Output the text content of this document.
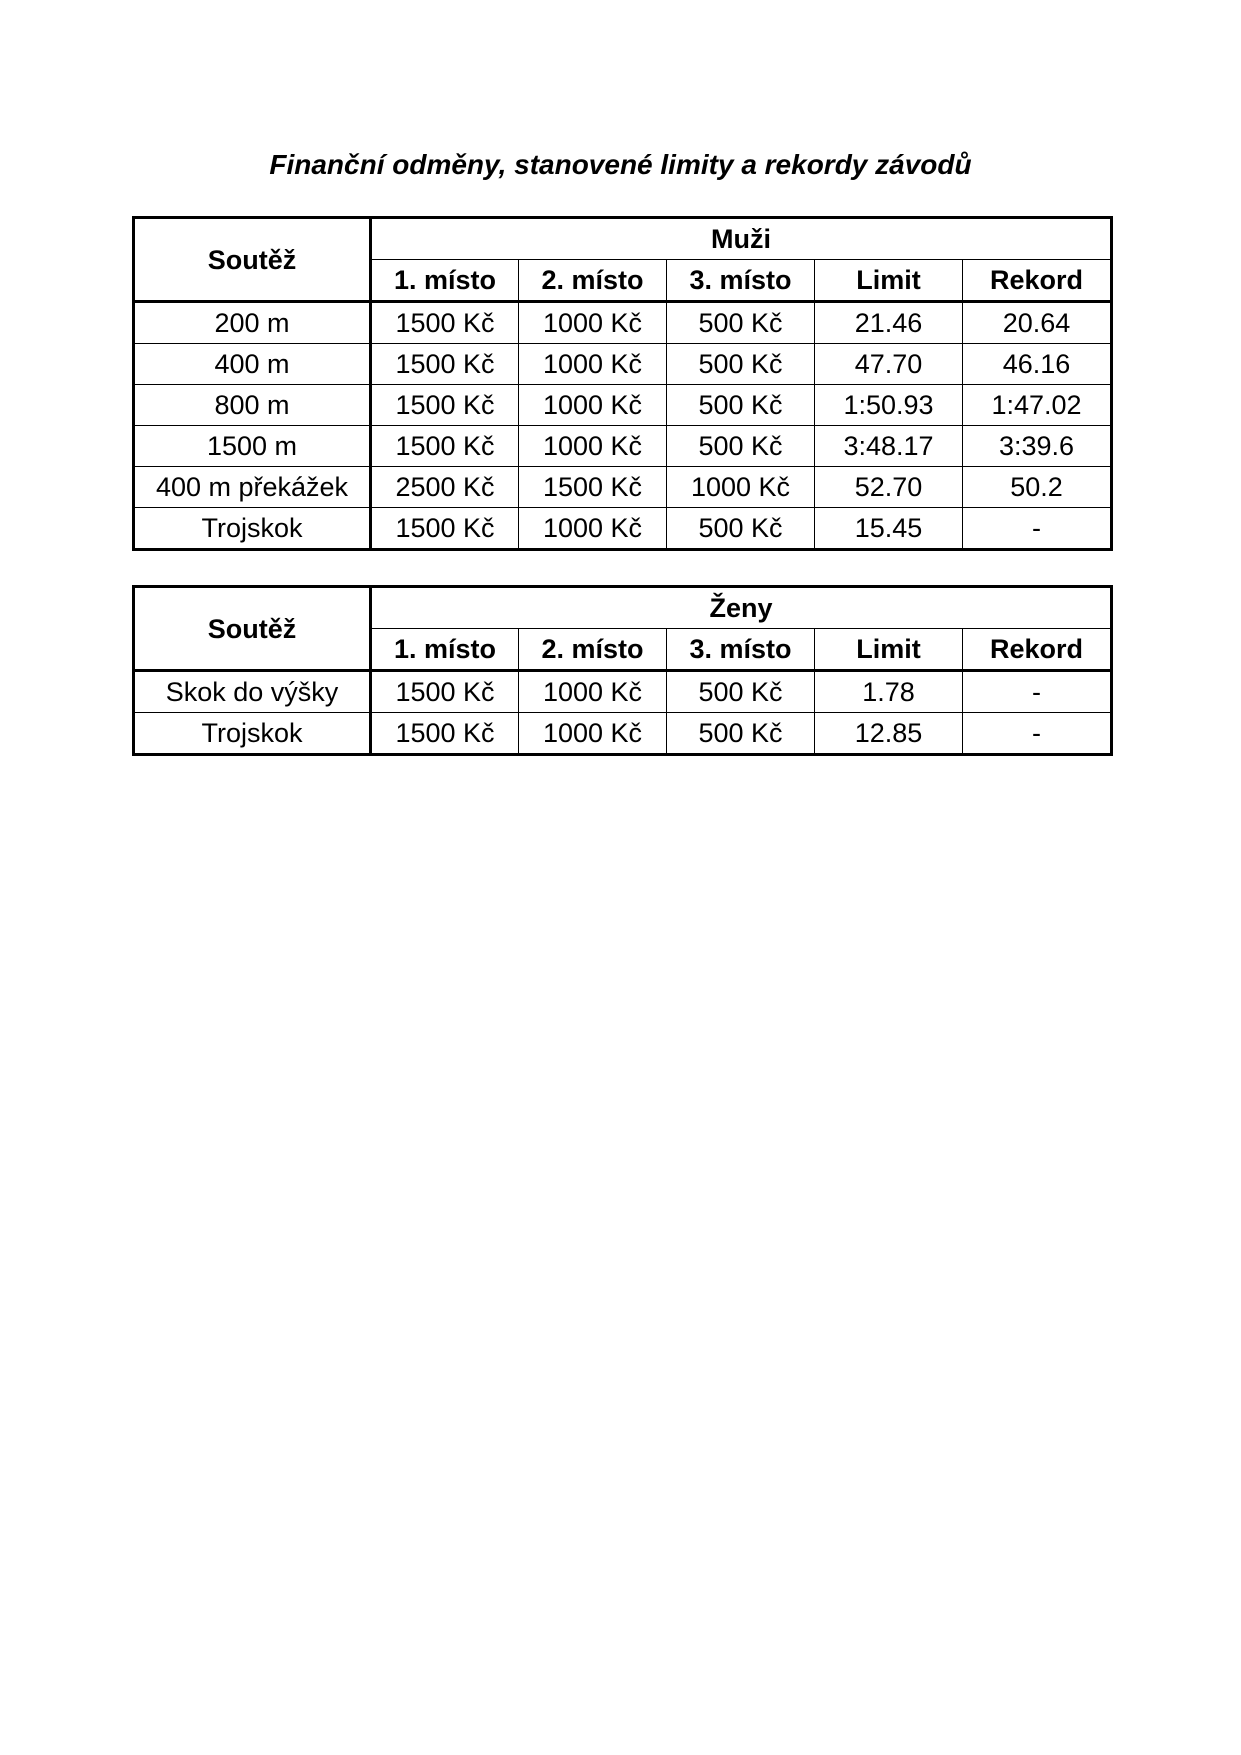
Finanční odměny, stanovené limity a rekordy závodů
Soutěž	Muži				
	1. místo	2. místo	3. místo	Limit	Rekord
200 m	1500 Kč	1000 Kč	500 Kč	21.46	20.64
400 m	1500 Kč	1000 Kč	500 Kč	47.70	46.16
800 m	1500 Kč	1000 Kč	500 Kč	1:50.93	1:47.02
1500 m	1500 Kč	1000 Kč	500 Kč	3:48.17	3:39.6
400 m překážek	2500 Kč	1500 Kč	1000 Kč	52.70	50.2
Trojskok	1500 Kč	1000 Kč	500 Kč	15.45	-
Soutěž	Ženy				
	1. místo	2. místo	3. místo	Limit	Rekord
Skok do výšky	1500 Kč	1000 Kč	500 Kč	1.78	-
Trojskok	1500 Kč	1000 Kč	500 Kč	12.85	-
